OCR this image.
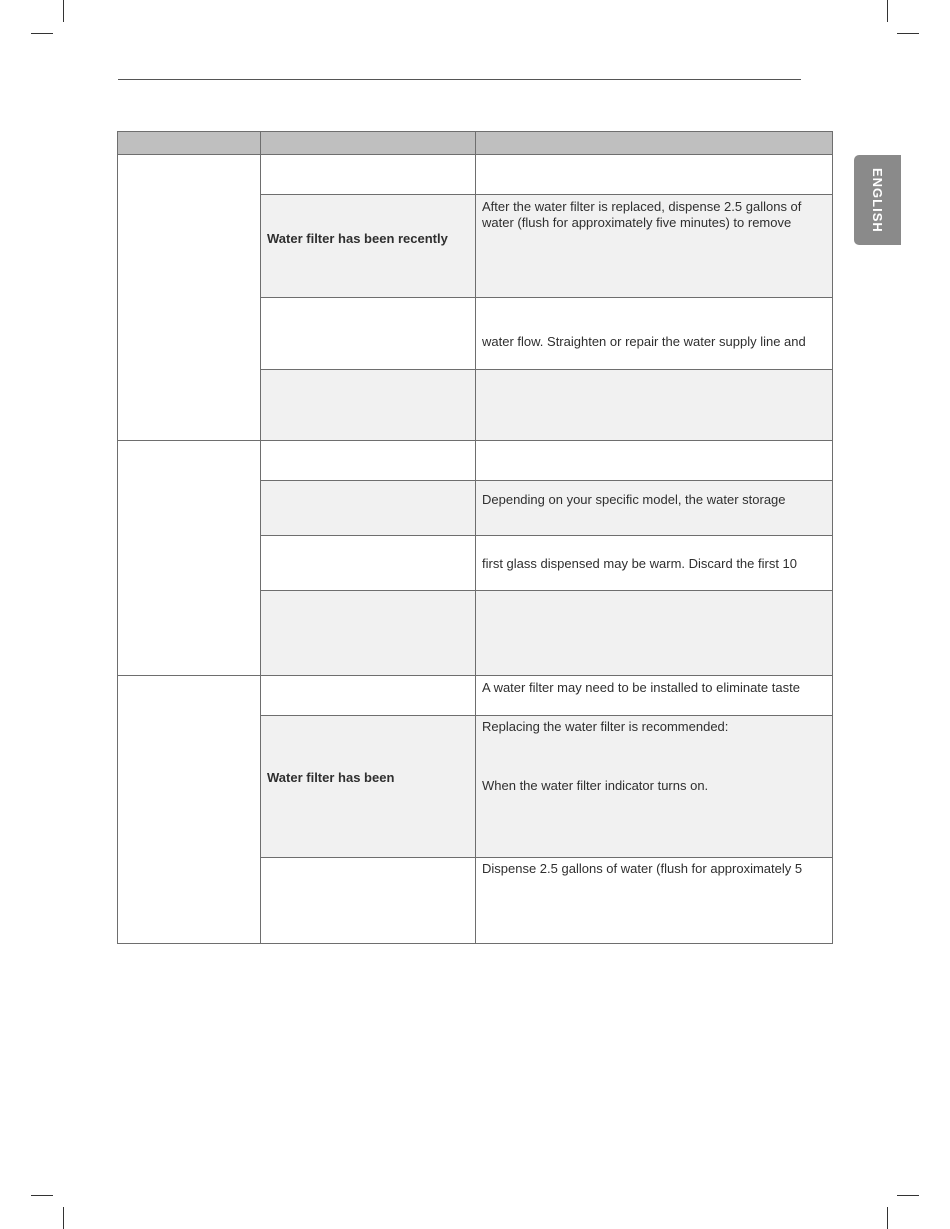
ENGLISH
Water filter has been recently
After the water filter is replaced, dispense 2.5 gallons of
water (flush for approximately five minutes) to remove
water flow. Straighten or repair the water supply line and
Depending on your specific model, the water storage
first glass dispensed may be warm. Discard the first 10
A water filter may need to be installed to eliminate taste
Water filter has been
Replacing the water filter is recommended:
When the water filter indicator turns on.
Dispense 2.5 gallons of water (flush for approximately 5
